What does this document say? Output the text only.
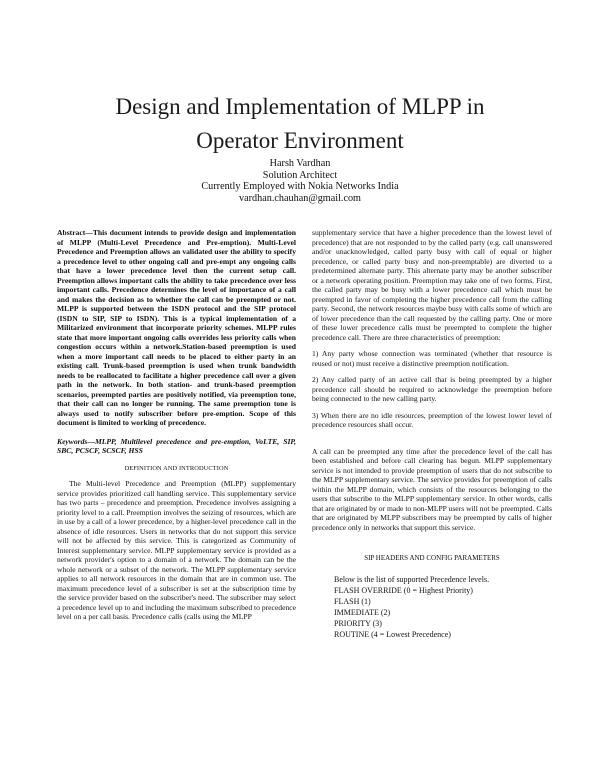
Design and Implementation of MLPP in
Operator Environment
Harsh Vardhan
Solution Architect
Currently Employed with Nokia Networks India
vardhan.chauhan@gmail.com

Abstract—This document intends to provide design and implementation of MLPP (Multi-Level Precedence and Pre-emption). Multi-Level Precedence and Preemption allows an validated user the ability to specify a precedence level to other ongoing call and pre-empt any ongoing calls that have a lower precedence level then the current setup call. Preemption allows important calls the ability to take precedence over less important calls. Precedence determines the level of importance of a call and makes the decision as to whether the call can be preempted or not. MLPP is supported between the ISDN protocol and the SIP protocol (ISDN to SIP, SIP to ISDN). This is a typical implementation of a Militarized environment that incorporate priority schemes. MLPP rules state that more important ongoing calls overrides less priority calls when congestion occurs within a network.Station-based preemption is used when a more important call needs to be placed to either party in an existing call. Trunk-based preemption is used when trunk bandwidth needs to be reallocated to facilitate a higher precedence call over a given path in the network. In both station- and trunk-based preemption scenarios, preempted parties are positively notified, via preemption tone, that their call can no longer be running. The same preemption tone is always used to notify subscriber before pre-emption. Scope of this document is limited to working of precedence.

Keywords—MLPP, Multilevel precedence and pre-emption, VoLTE, SIP, SBC, PCSCF, SCSCF, HSS

DEFINITION AND INTRODUCTION

The Multi-level Precedence and Preemption (MLPP) supplementary service provides prioritized call handling service. This supplementary service has two parts – precedence and preemption. Precedence involves assigning a priority level to a call. Preemption involves the seizing of resources, which are in use by a call of a lower precedence, by a higher-level precedence call in the absence of idle resources. Users in networks that do not support this service will not be affected by this service. This is categorized as Community of Interest supplementary service. MLPP supplementary service is provided as a network provider's option to a domain of a network. The domain can be the whole network or a subset of the network. The MLPP supplementary service applies to all network resources in the domain that are in common use. The maximum precedence level of a subscriber is set at the subscription time by the service provider based on the subscriber's need. The subscriber may select a precedence level up to and including the maximum subscribed to precedence level on a per call basis. Precedence calls (calls using the MLPP

supplementary service that have a higher precedence than the lowest level of precedence) that are not responded to by the called party (e.g. call unanswered and/or unacknowledged, called party busy with call of equal or higher precedence, or called party busy and non-preemptable) are diverted to a predetermined alternate party. This alternate party may be another subscriber or a network operating position. Preemption may take one of two forms. First, the called party may be busy with a lower precedence call which must be preempted in favor of completing the higher precedence call from the calling party. Second, the network resources maybe busy with calls some of which are of lower precedence than the call requested by the calling party. One or more of these lower precedence calls must be preempted to complete the higher precedence call. There are three characteristics of preemption:

1) Any party whose connection was terminated (whether that resource is reused or not) must receive a distinctive preemption notification.

2) Any called party of an active call that is being preempted by a higher precedence call should be required to acknowledge the preemption before being connected to the new calling party.

3) When there are no idle resources, preemption of the lowest lower level of precedence resources shall occur.

A call can be preempted any time after the precedence level of the call has been established and before call clearing has begun. MLPP supplementary service is not intended to provide preemption of users that do not subscribe to the MLPP supplementary service. The service provides for preemption of calls within the MLPP domain, which consists of the resources belonging to the users that subscribe to the MLPP supplementary service. In other words, calls that are originated by or made to non-MLPP users will not be preempted. Calls that are originated by MLPP subscribers may be preempted by calls of higher precedence only in networks that support this service.

SIP HEADERS AND CONFIG PARAMETERS
Below is the list of supported Precedence levels.
FLASH OVERRIDE (0 = Highest Priority)
FLASH (1)
IMMEDIATE (2)
PRIORITY (3)
ROUTINE (4 = Lowest Precedence)
